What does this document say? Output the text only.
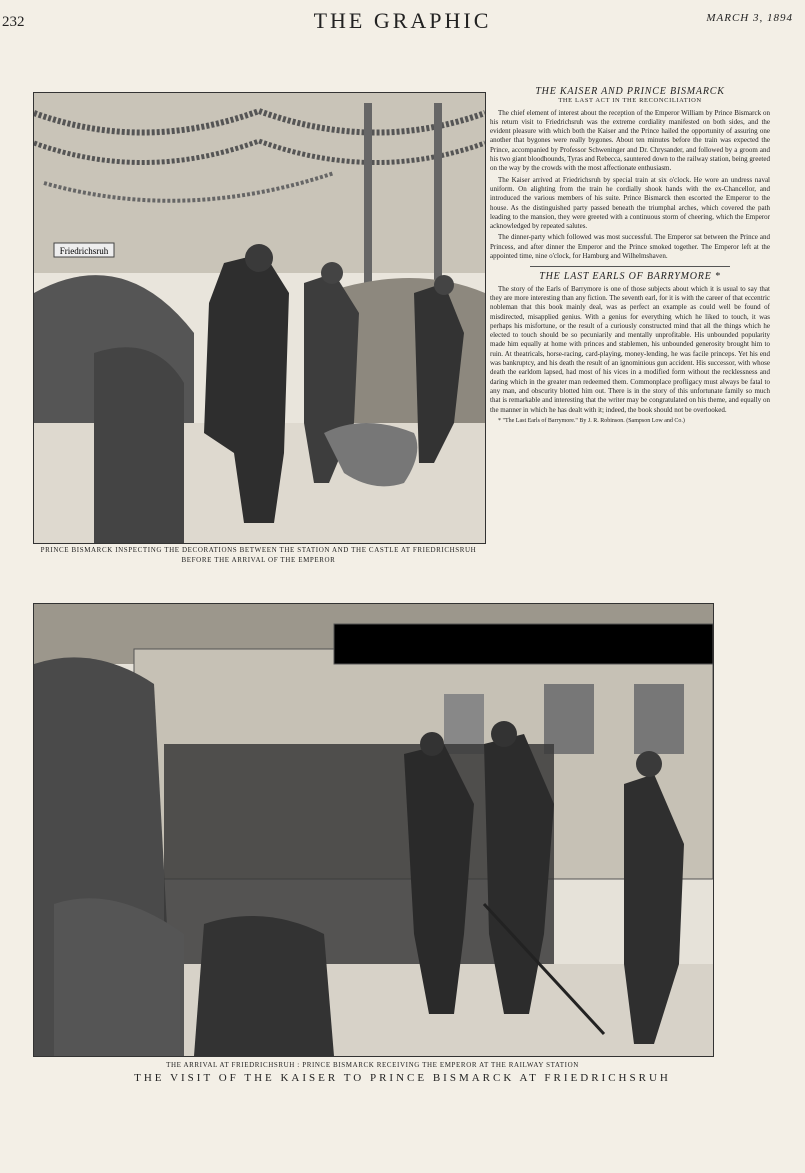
232	THE GRAPHIC	MARCH 3, 1894
Friedrichsruh
PRINCE BISMARCK INSPECTING THE DECORATIONS BETWEEN THE STATION AND THE CASTLE AT FRIEDRICHSRUH
BEFORE THE ARRIVAL OF THE EMPEROR
THE KAISER AND PRINCE BISMARCK
THE LAST ACT IN THE RECONCILIATION

The chief element of interest about the reception of the Emperor William by Prince Bismarck on his return visit to Friedrichsruh was the extreme cordiality manifested on both sides, and the evident pleasure with which both the Kaiser and the Prince hailed the opportunity of assuring one another that bygones were really bygones. About ten minutes before the train was expected the Prince, accompanied by Professor Schweninger and Dr. Chrysander, and followed by a groom and his two giant bloodhounds, Tyras and Rebecca, sauntered down to the railway station, being greeted on the way by the crowds with the most affectionate enthusiasm.

The Kaiser arrived at Friedrichsruh by special train at six o'clock. He wore an undress naval uniform. On alighting from the train he cordially shook hands with the ex-Chancellor, and introduced the various members of his suite. Prince Bismarck then escorted the Emperor to the house. As the distinguished party passed beneath the triumphal arches, which covered the path leading to the mansion, they were greeted with a continuous storm of cheering, which the Emperor acknowledged by repeated salutes.

The dinner-party which followed was most successful. The Emperor sat between the Prince and Princess, and after dinner the Emperor and the Prince smoked together. The Emperor left at the appointed time, nine o'clock, for Hamburg and Wilhelmshaven.

THE LAST EARLS OF BARRYMORE *

The story of the Earls of Barrymore is one of those subjects about which it is usual to say that they are more interesting than any fiction. The seventh earl, for it is with the career of that eccentric nobleman that this book mainly deal, was as perfect an example as could well be found of misdirected, misapplied genius. With a genius for everything which he liked to touch, it was perhaps his misfortune, or the result of a curiously constructed mind that all the things which he elected to touch should be so pecuniarily and mentally unprofitable. His unbounded popularity made him equally at home with princes and stablemen, his unbounded generosity brought him to ruin. At theatricals, horse-racing, card-playing, money-lending, he was facile princeps. Yet his end was bankruptcy, and his death the result of an ignominious gun accident. His successor, with whose death the earldom lapsed, had most of his vices in a modified form without the recklessness and daring which in the greater man redeemed them. Commonplace profligacy must always be fatal to any man, and obscurity blotted him out. There is in the story of this unfortunate family so much that is remarkable and interesting that the writer may be congratulated on his theme, and equally on the manner in which he has dealt with it; indeed, the book should not be overlooked.

* "The Last Earls of Barrymore." By J. R. Robinson. (Sampson Low and Co.)

THE ARRIVAL AT FRIEDRICHSRUH : PRINCE BISMARCK RECEIVING THE EMPEROR AT THE RAILWAY STATION
THE VISIT OF THE KAISER TO PRINCE BISMARCK AT FRIEDRICHSRUH
